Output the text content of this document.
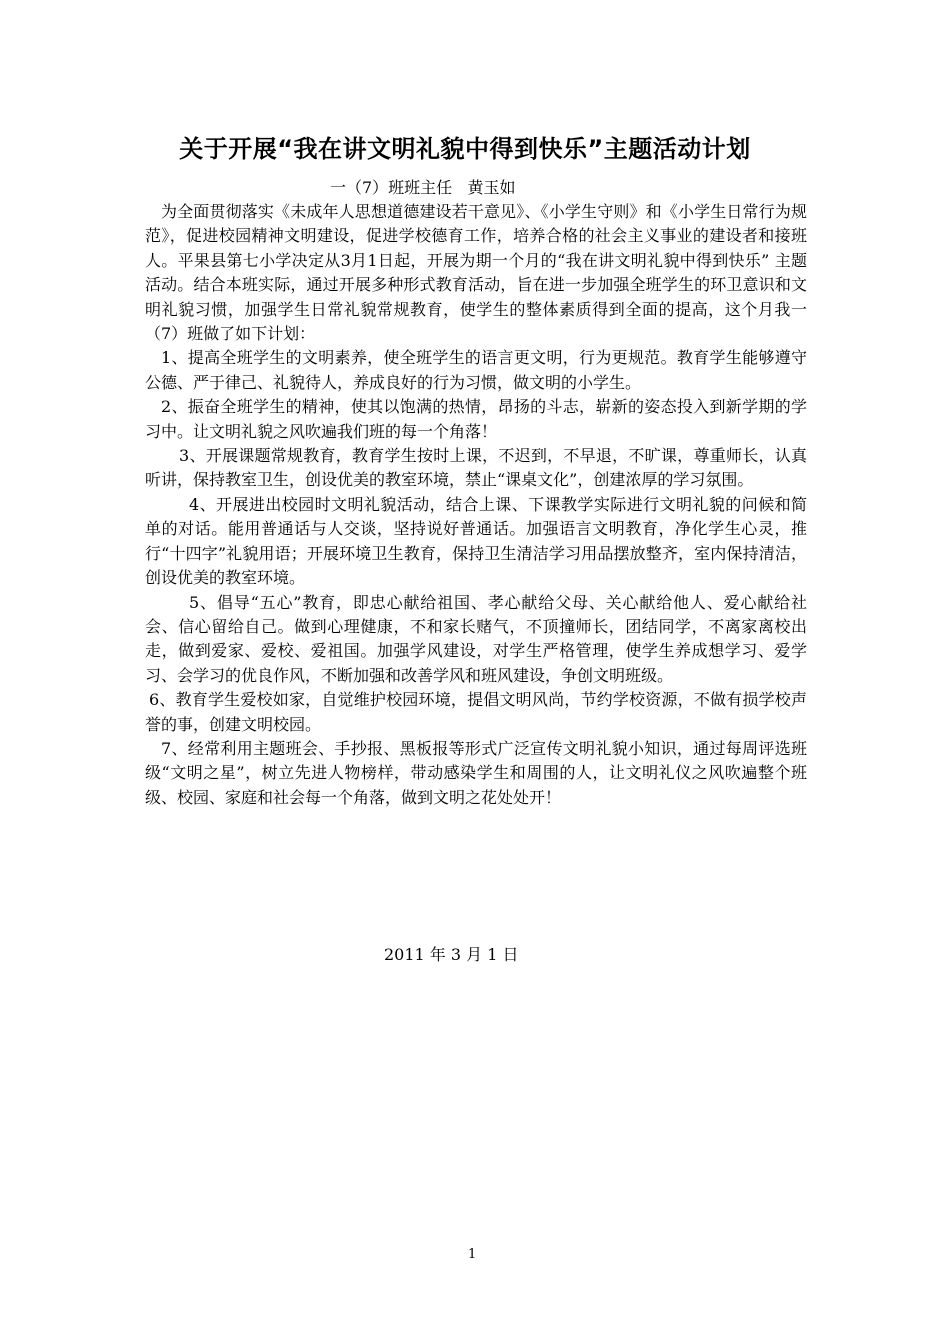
关于开展“我在讲文明礼貌中得到快乐”主题活动计划
一（7）班班主任   黄玉如

为全面贯彻落实《未成年人思想道德建设若干意见》、《小学生守则》和《小学生日常行为规范》，促进校园精神文明建设，促进学校德育工作，培养合格的社会主义事业的建设者和接班人。平果县第七小学决定从3月1日起，开展为期一个月的“我在讲文明礼貌中得到快乐” 主题活动。结合本班实际，通过开展多种形式教育活动，旨在进一步加强全班学生的环卫意识和文明礼貌习惯，加强学生日常礼貌常规教育，使学生的整体素质得到全面的提高，这个月我一（7）班做了如下计划：

1、提高全班学生的文明素养，使全班学生的语言更文明，行为更规范。教育学生能够遵守公德、严于律己、礼貌待人，养成良好的行为习惯，做文明的小学生。

2、振奋全班学生的精神，使其以饱满的热情，昂扬的斗志，崭新的姿态投入到新学期的学习中。让文明礼貌之风吹遍我们班的每一个角落！

3、开展课题常规教育，教育学生按时上课，不迟到，不早退，不旷课，尊重师长，认真听讲，保持教室卫生，创设优美的教室环境，禁止“课桌文化”，创建浓厚的学习氛围。

4、开展进出校园时文明礼貌活动，结合上课、下课教学实际进行文明礼貌的问候和简单的对话。能用普通话与人交谈，坚持说好普通话。加强语言文明教育，净化学生心灵，推行“十四字”礼貌用语；开展环境卫生教育，保持卫生清洁学习用品摆放整齐，室内保持清洁，创设优美的教室环境。

5、倡导“五心”教育，即忠心献给祖国、孝心献给父母、关心献给他人、爱心献给社会、信心留给自己。做到心理健康，不和家长赌气，不顶撞师长，团结同学，不离家离校出走，做到爱家、爱校、爱祖国。加强学风建设，对学生严格管理，使学生养成想学习、爱学习、会学习的优良作风，不断加强和改善学风和班风建设，争创文明班级。

6、教育学生爱校如家，自觉维护校园环境，提倡文明风尚，节约学校资源，不做有损学校声誉的事，创建文明校园。

7、经常利用主题班会、手抄报、黑板报等形式广泛宣传文明礼貌小知识，通过每周评选班级“文明之星”，树立先进人物榜样，带动感染学生和周围的人，让文明礼仪之风吹遍整个班级、校园、家庭和社会每一个角落，做到文明之花处处开！

2011 年 3 月 1 日
1
